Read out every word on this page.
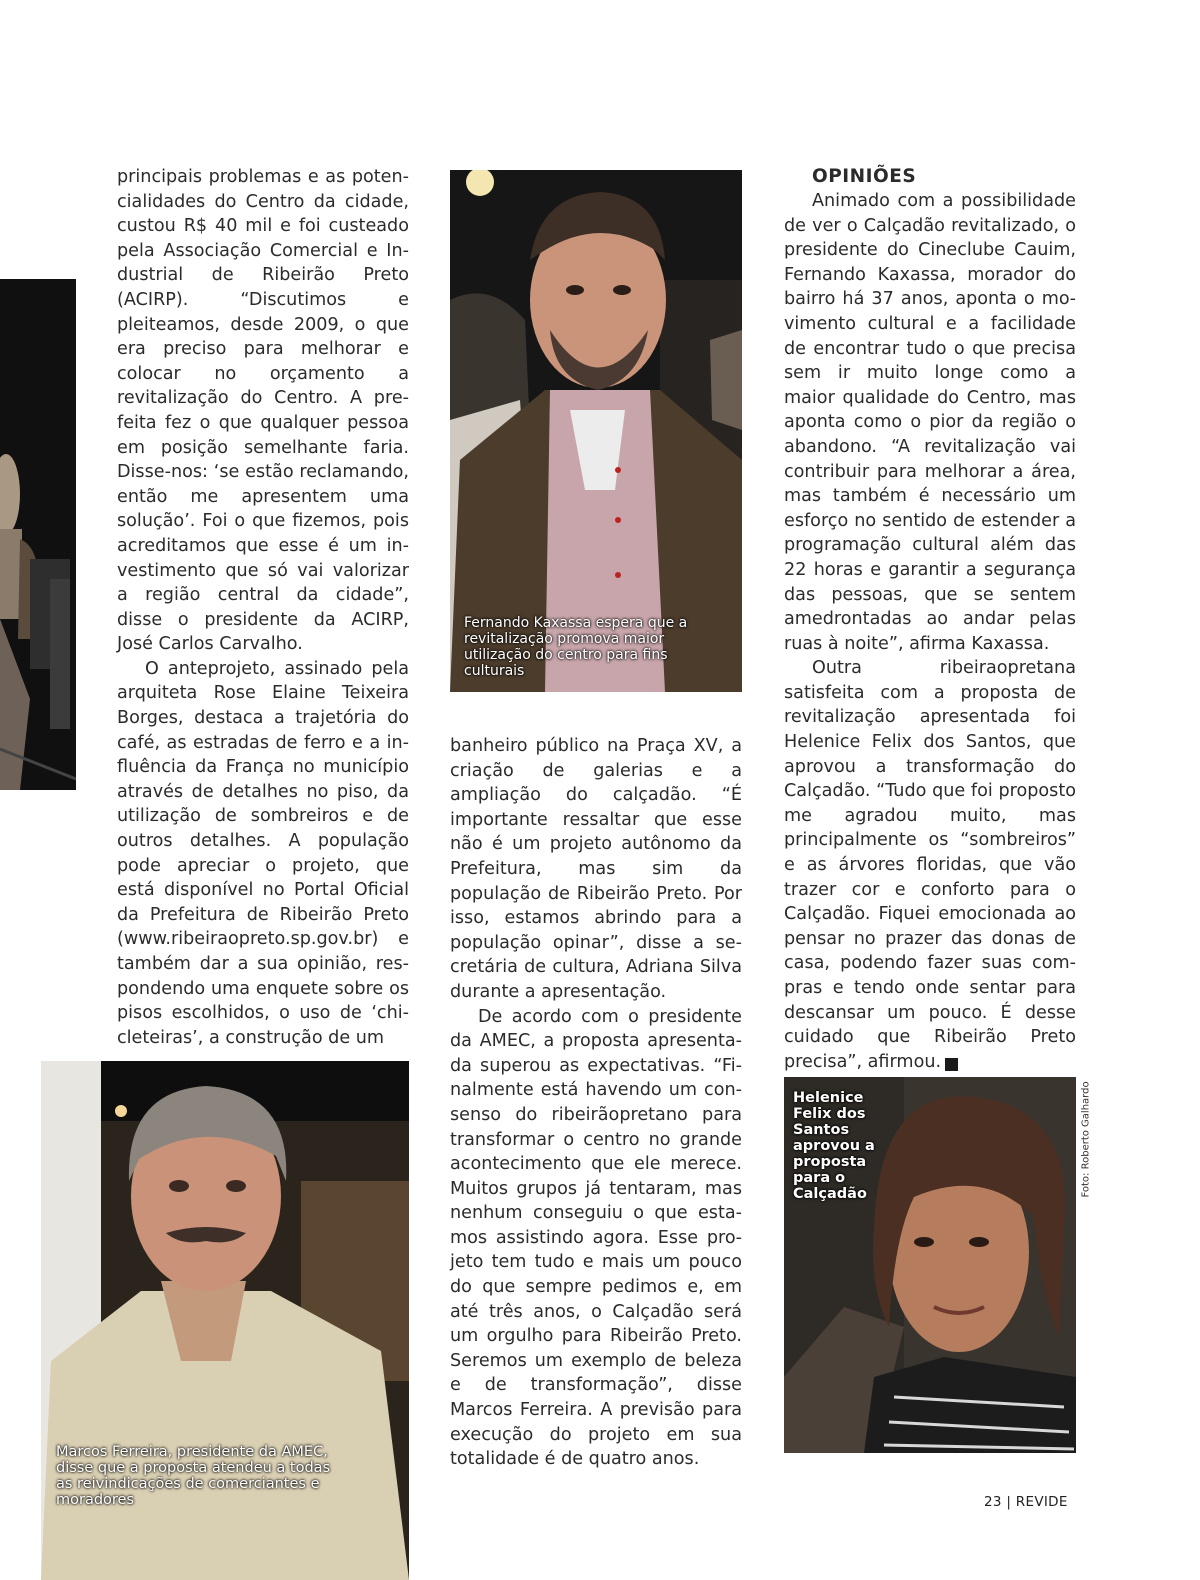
principais problemas e as potencialidades do Centro da cidade, custou R$ 40 mil e foi custeado pela Associação Comercial e Industrial de Ribeirão Preto (ACIRP). “Discutimos e pleiteamos, desde 2009, o que era preciso para melhorar e colocar no orçamento a revitalização do Centro. A prefeita fez o que qualquer pessoa em posição semelhante faria. Disse-nos: ‘se estão reclamando, então me apresentem uma solução’. Foi o que fizemos, pois acreditamos que esse é um investimento que só vai valorizar a região central da cidade”, disse o presidente da ACIRP, José Carlos Carvalho.

O anteprojeto, assinado pela arquiteta Rose Elaine Teixeira Borges, destaca a trajetória do café, as estradas de ferro e a influência da França no município através de detalhes no piso, da utilização de sombreiros e de outros detalhes. A população pode apreciar o projeto, que está disponível no Portal Oficial da Prefeitura de Ribeirão Preto (www.ribeiraopreto.sp.gov.br) e também dar a sua opinião, respondendo uma enquete sobre os pisos escolhidos, o uso de ‘chicleteiras’, a construção de um

Fernando Kaxassa espera que a revitalização promova maior utilização do centro para fins culturais
Marcos Ferreira, presidente da AMEC, disse que a proposta atendeu a todas as reivindicações de comerciantes e moradores

banheiro público na Praça XV, a criação de galerias e a ampliação do calçadão. “É importante ressaltar que esse não é um projeto autônomo da Prefeitura, mas sim da população de Ribeirão Preto. Por isso, estamos abrindo para a população opinar”, disse a secretária de cultura, Adriana Silva durante a apresentação.

De acordo com o presidente da AMEC, a proposta apresentada superou as expectativas. “Finalmente está havendo um consenso do ribeirãopretano para transformar o centro no grande acontecimento que ele merece. Muitos grupos já tentaram, mas nenhum conseguiu o que estamos assistindo agora. Esse projeto tem tudo e mais um pouco do que sempre pedimos e, em até três anos, o Calçadão será um orgulho para Ribeirão Preto. Seremos um exemplo de beleza e de transformação”, disse Marcos Ferreira. A previsão para execução do projeto em sua totalidade é de quatro anos.

OPINIÕES

Animado com a possibilidade de ver o Calçadão revitalizado, o presidente do Cineclube Cauim, Fernando Kaxassa, morador do bairro há 37 anos, aponta o movimento cultural e a facilidade de encontrar tudo o que precisa sem ir muito longe como a maior qualidade do Centro, mas aponta como o pior da região o abandono. “A revitalização vai contribuir para melhorar a área, mas também é necessário um esforço no sentido de estender a programação cultural além das 22 horas e garantir a segurança das pessoas, que se sentem amedrontadas ao andar pelas ruas à noite”, afirma Kaxassa.

Outra ribeiraopretana satisfeita com a proposta de revitalização apresentada foi Helenice Felix dos Santos, que aprovou a transformação do Calçadão. “Tudo que foi proposto me agradou muito, mas principalmente os “sombreiros” e as árvores floridas, que vão trazer cor e conforto para o Calçadão. Fiquei emocionada ao pensar no prazer das donas de casa, podendo fazer suas compras e tendo onde sentar para descansar um pouco. É desse cuidado que Ribeirão Preto precisa”, afirmou.	r

Helenice Felix dos Santos aprovou a proposta para o Calçadão	Foto: Roberto Galhardo
23 | REVIDE
